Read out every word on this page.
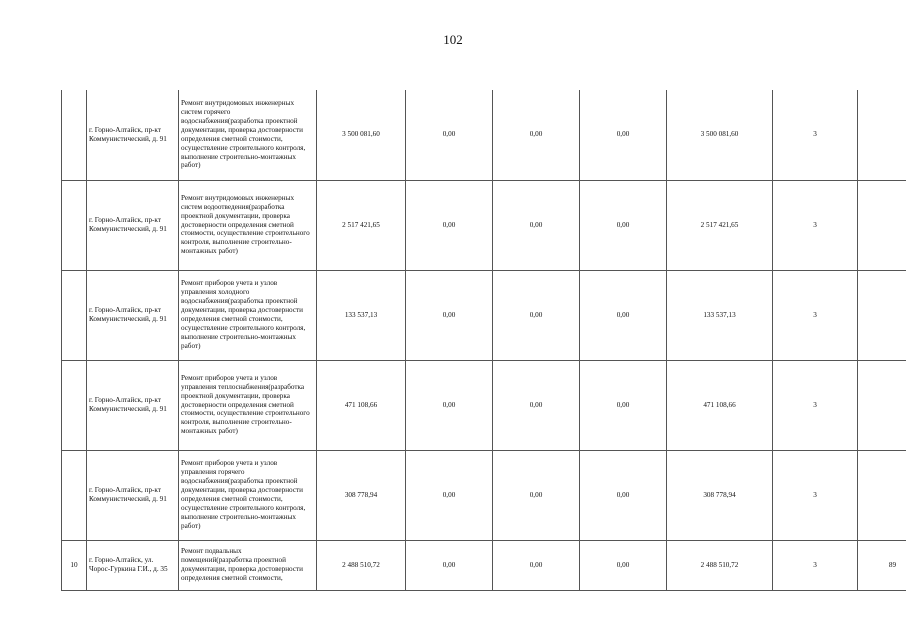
102
	г. Горно-Алтайск, пр-кт Коммунистический, д. 91	Ремонт внутридомовых инженерных систем горячего водоснабжения(разработка проектной документации, проверка достоверности определения сметной стоимости, осуществление строительного контроля, выполнение строительно-монтажных работ)	3 500 081,60	0,00	0,00	0,00	3 500 081,60	3	
	г. Горно-Алтайск, пр-кт Коммунистический, д. 91	Ремонт внутридомовых инженерных систем водоотведения(разработка проектной документации, проверка достоверности определения сметной стоимости, осуществление строительного контроля, выполнение строительно-монтажных работ)	2 517 421,65	0,00	0,00	0,00	2 517 421,65	3	
	г. Горно-Алтайск, пр-кт Коммунистический, д. 91	Ремонт приборов учета и узлов управления холодного водоснабжения(разработка проектной документации, проверка достоверности определения сметной стоимости, осуществление строительного контроля, выполнение строительно-монтажных работ)	133 537,13	0,00	0,00	0,00	133 537,13	3	
	г. Горно-Алтайск, пр-кт Коммунистический, д. 91	Ремонт приборов учета и узлов управления теплоснабжения(разработка проектной документации, проверка достоверности определения сметной стоимости, осуществление строительного контроля, выполнение строительно-монтажных работ)	471 108,66	0,00	0,00	0,00	471 108,66	3	
	г. Горно-Алтайск, пр-кт Коммунистический, д. 91	Ремонт приборов учета и узлов управления горячего водоснабжения(разработка проектной документации, проверка достоверности определения сметной стоимости, осуществление строительного контроля, выполнение строительно-монтажных работ)	308 778,94	0,00	0,00	0,00	308 778,94	3	
10	г. Горно-Алтайск, ул. Чорос-Гуркина Г.И., д. 35	Ремонт подвальных помещений(разработка проектной документации, проверка достоверности определения сметной стоимости,	2 488 510,72	0,00	0,00	0,00	2 488 510,72	3	89
